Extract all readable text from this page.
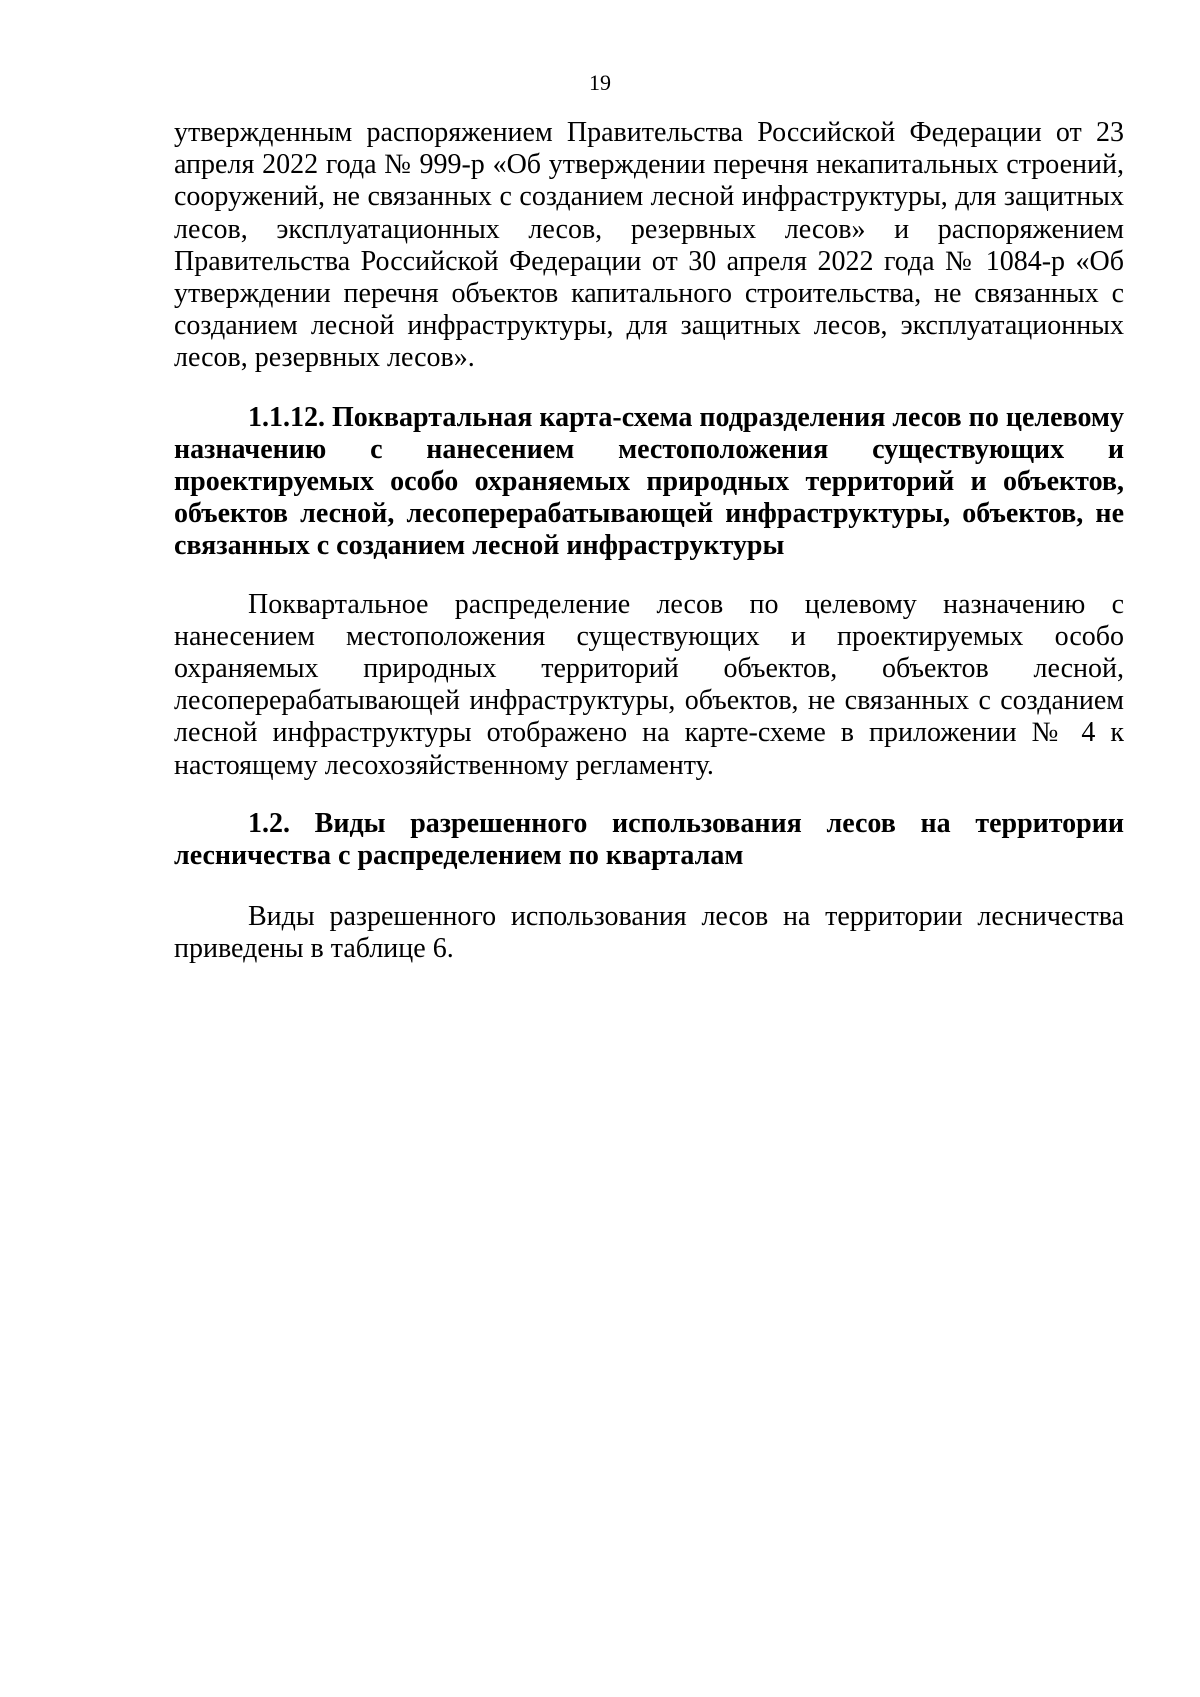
19

утвержденным распоряжением Правительства Российской Федерации от 23 апреля 2022 года № 999-р «Об утверждении перечня некапитальных строений, сооружений, не связанных с созданием лесной инфраструктуры, для защитных лесов, эксплуатационных лесов, резервных лесов» и распоряжением Правительства Российской Федерации от 30 апреля 2022 года № 1084-р «Об утверждении перечня объектов капитального строительства, не связанных с созданием лесной инфраструктуры, для защитных лесов, эксплуатационных лесов, резервных лесов».

1.1.12. Поквартальная карта-схема подразделения лесов по целевому назначению с нанесением местоположения существующих и проектируемых особо охраняемых природных территорий и объектов, объектов лесной, лесоперерабатывающей инфраструктуры, объектов, не связанных с созданием лесной инфраструктуры

Поквартальное распределение лесов по целевому назначению с нанесением местоположения существующих и проектируемых особо охраняемых природных территорий объектов, объектов лесной, лесоперерабатывающей инфраструктуры, объектов, не связанных с созданием лесной инфраструктуры отображено на карте-схеме в приложении № 4 к настоящему лесохозяйственному регламенту.

1.2. Виды разрешенного использования лесов на территории лесничества с распределением по кварталам

Виды разрешенного использования лесов на территории лесничества приведены в таблице 6.
